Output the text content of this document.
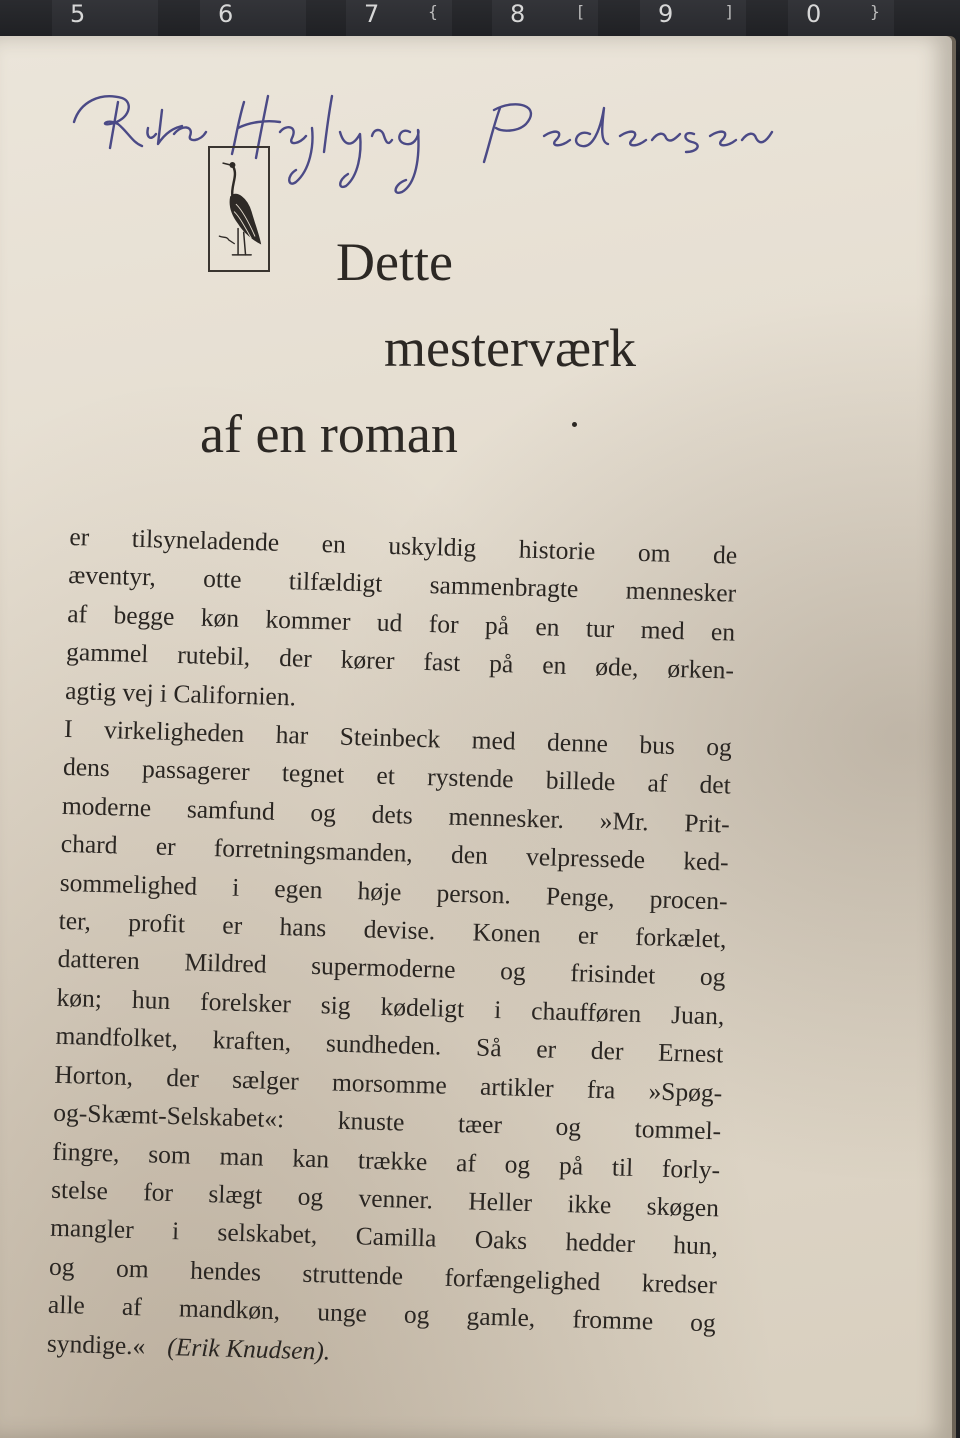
5	6	7	{	8	[	9	]	0	}
Dette
mesterværk
af en roman
er tilsyneladende en uskyldig historie om de
æventyr, otte tilfældigt sammenbragte mennesker
af begge køn kommer ud for på en tur med en
gammel rutebil, der kører fast på en øde, ørken-
agtig vej i Californien.
I virkeligheden har Steinbeck med denne bus og
dens passagerer tegnet et rystende billede af det
moderne samfund og dets mennesker. »Mr. Prit-
chard er forretningsmanden, den velpressede ked-
sommelighed i egen høje person. Penge, procen-
ter, profit er hans devise. Konen er forkælet,
datteren Mildred supermoderne og frisindet og
køn; hun forelsker sig kødeligt i chaufføren Juan,
mandfolket, kraften, sundheden. Så er der Ernest
Horton, der sælger morsomme artikler fra »Spøg-
og-Skæmt-Selskabet«: knuste tæer og tommel-
fingre, som man kan trække af og på til forly-
stelse for slægt og venner. Heller ikke skøgen
mangler i selskabet, Camilla Oaks hedder hun,
og om hendes struttende forfængelighed kredser
alle af mandkøn, unge og gamle, fromme og
syndige.« (Erik Knudsen).
